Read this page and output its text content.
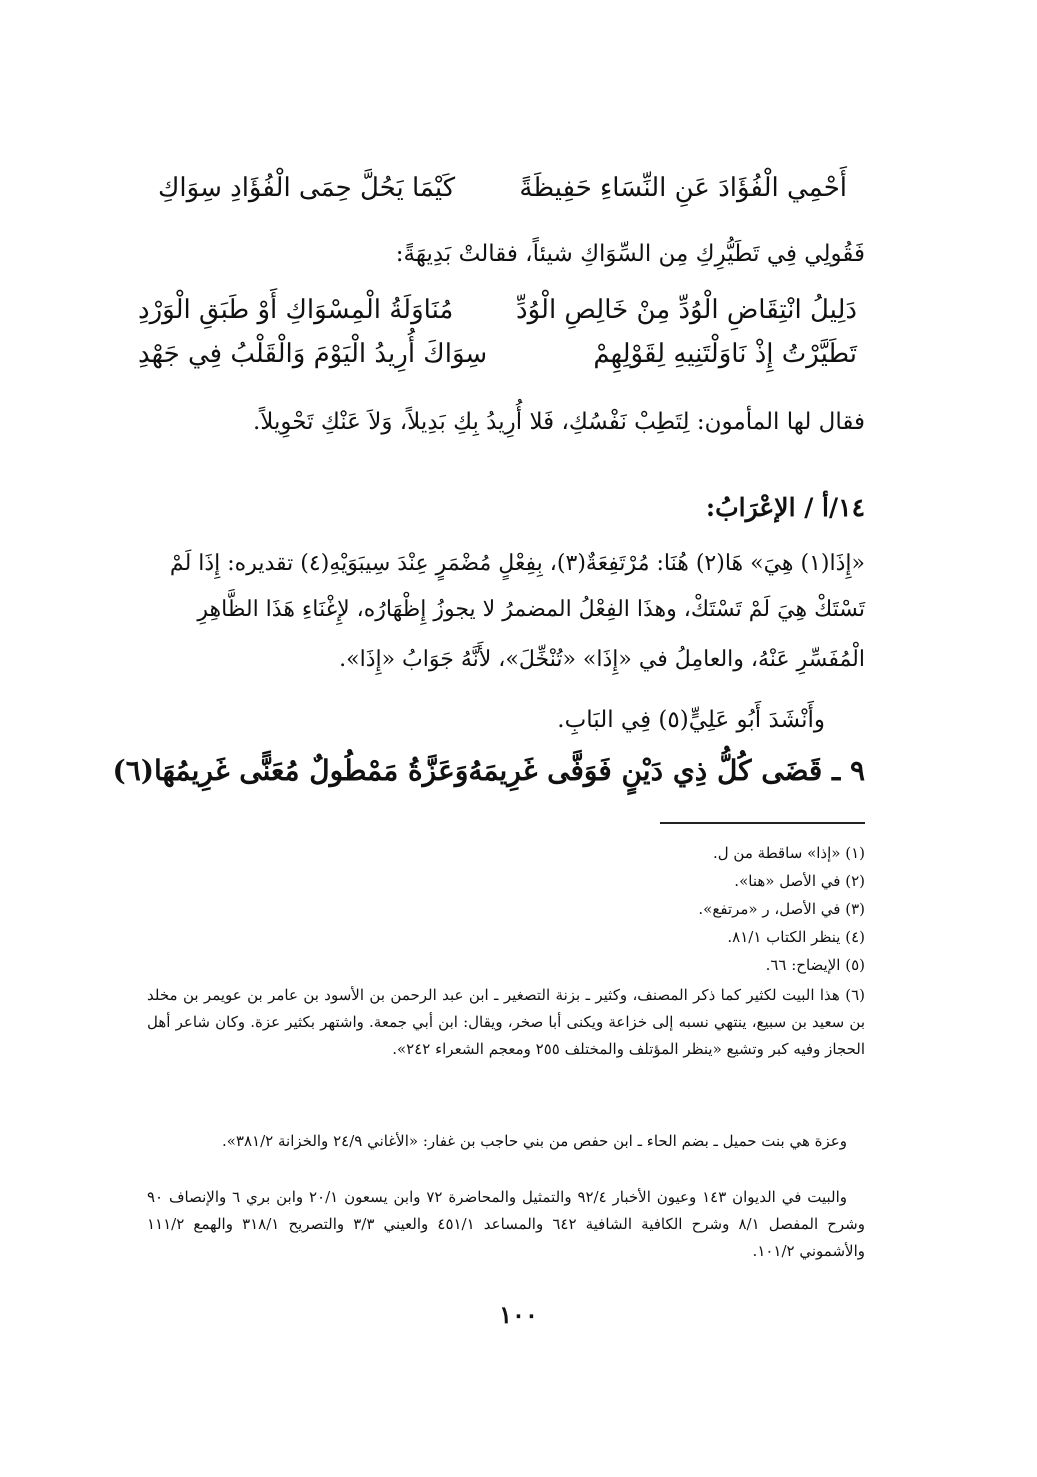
أَحْمِي الْفُؤَادَ عَنِ النِّسَاءِ حَفِيظَةً
كَيْمَا يَحُلَّ حِمَى الْفُؤَادِ سِوَاكِ
فَقُولِي فِي تَطَيُّرِكِ مِن السِّوَاكِ شيئاً، فقالتْ بَدِيهَةً:
دَلِيلُ انْتِقَاضِ الْوُدِّ مِنْ خَالِصِ الْوُدِّ
مُنَاوَلَةُ الْمِسْوَاكِ أَوْ طَبَقِ الْوَرْدِ
تَطَيَّرْتُ إِذْ نَاوَلْتَنِيهِ لِقَوْلِهِمْ
سِوَاكَ أُرِيدُ الْيَوْمَ وَالْقَلْبُ فِي جَهْدِ
فقال لها المأمون: لِتَطِبْ نَفْسُكِ، فَلا أُرِيدُ بِكِ بَدِيلاً، وَلاَ عَنْكِ تَحْوِيلاً.
١٤/أ / الإعْرَابُ:
«إِذَا(١) هِيَ» هَا(٢) هُنَا: مُرْتَفِعَةٌ(٣)، بِفِعْلٍ مُضْمَرٍ عِنْدَ سِيبَوَيْهِ(٤) تقديره: إِذَا لَمْ
تَسْتَكْ هِيَ لَمْ تَسْتَكْ، وهذَا الفِعْلُ المضمرُ لا يجوزُ إِظْهَارُه، لإِغْنَاءِ هَذَا الظَّاهِرِ
الْمُفَسِّرِ عَنْهُ، والعامِلُ في «إِذَا» «تُنْخِّلَ»، لأَنَّهُ جَوَابُ «إِذَا».
وأَنْشَدَ أَبُو عَلِيٍّ(٥) فِي البَابِ.
٩ ـ قَضَى كُلُّ ذِي دَيْنٍ فَوَفَّى غَرِيمَهُ
وَعَزَّةُ مَمْطُولٌ مُعَنًّى غَرِيمُهَا(٦)
(١) «إذا» ساقطة من ل.
(٢) في الأصل «هنا».
(٣) في الأصل، ر «مرتفع».
(٤) ينظر الكتاب ٨١/١.
(٥) الإيضاح: ٦٦.
(٦) هذا البيت لكثير كما ذكر المصنف، وكثير ـ بزنة التصغير ـ ابن عبد الرحمن بن الأسود بن عامر بن عويمر بن مخلد بن سعيد بن سبيع، ينتهي نسبه إلى خزاعة ويكنى أبا صخر، ويقال: ابن أبي جمعة. واشتهر بكثير عزة. وكان شاعر أهل الحجاز وفيه كبر وتشيع «ينظر المؤتلف والمختلف ٢٥٥ ومعجم الشعراء ٢٤٢».
وعزة هي بنت حميل ـ بضم الحاء ـ ابن حفص من بني حاجب بن غفار: «الأغاني ٢٤/٩ والخزانة ٣٨١/٢».
والبيت في الديوان ١٤٣ وعيون الأخبار ٩٢/٤ والتمثيل والمحاضرة ٧٢ وابن يسعون ٢٠/١ وابن بري ٦ والإنصاف ٩٠ وشرح المفصل ٨/١ وشرح الكافية الشافية ٦٤٢ والمساعد ٤٥١/١ والعيني ٣/٣ والتصريح ٣١٨/١ والهمع ١١١/٢ والأشموني ١٠١/٢.
١٠٠
